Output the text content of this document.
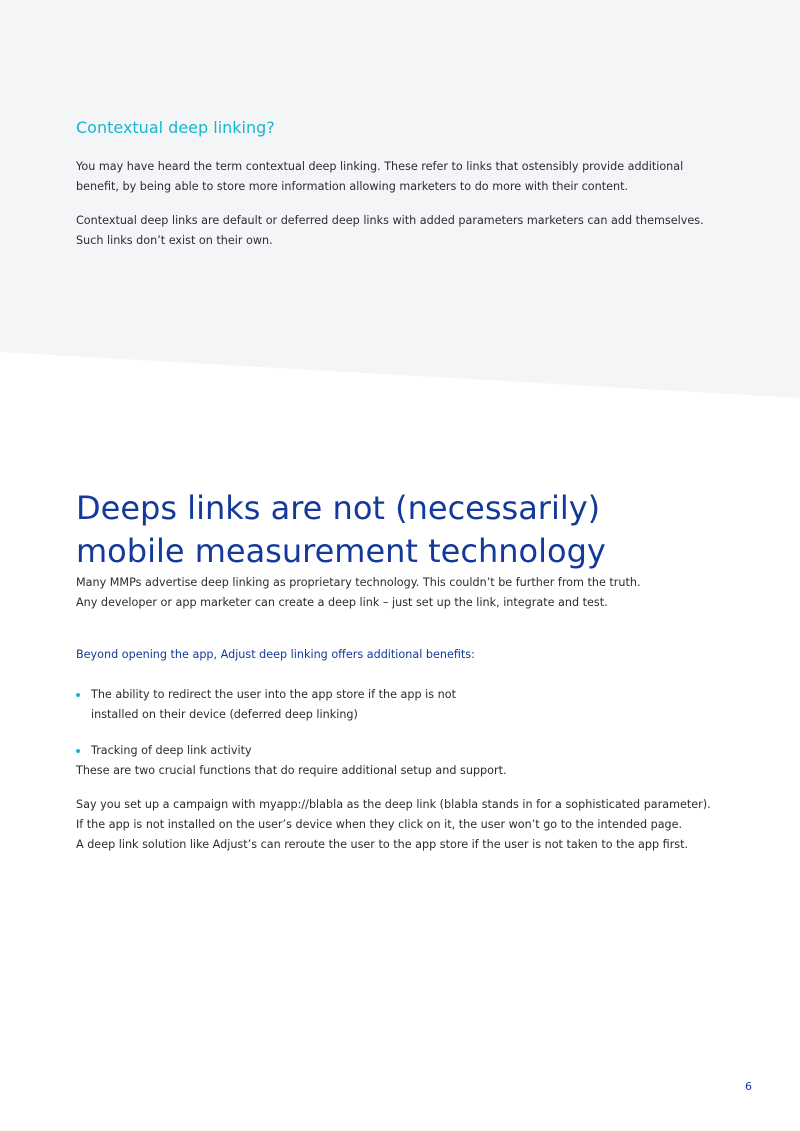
Contextual deep linking?

You may have heard the term contextual deep linking. These refer to links that ostensibly provide additional
benefit, by being able to store more information allowing marketers to do more with their content.

Contextual deep links are default or deferred deep links with added parameters marketers can add themselves.
Such links don’t exist on their own.

Deeps links are not (necessarily)
mobile measurement technology

Many MMPs advertise deep linking as proprietary technology. This couldn’t be further from the truth.
Any developer or app marketer can create a deep link – just set up the link, integrate and test.

Beyond opening the app, Adjust deep linking offers additional benefits:
The ability to redirect the user into the app store if the app is not
installed on their device (deferred deep linking)
Tracking of deep link activity

These are two crucial functions that do require additional setup and support.

Say you set up a campaign with myapp://blabla as the deep link (blabla stands in for a sophisticated parameter).
If the app is not installed on the user’s device when they click on it, the user won’t go to the intended page.
A deep link solution like Adjust’s can reroute the user to the app store if the user is not taken to the app first.

6
